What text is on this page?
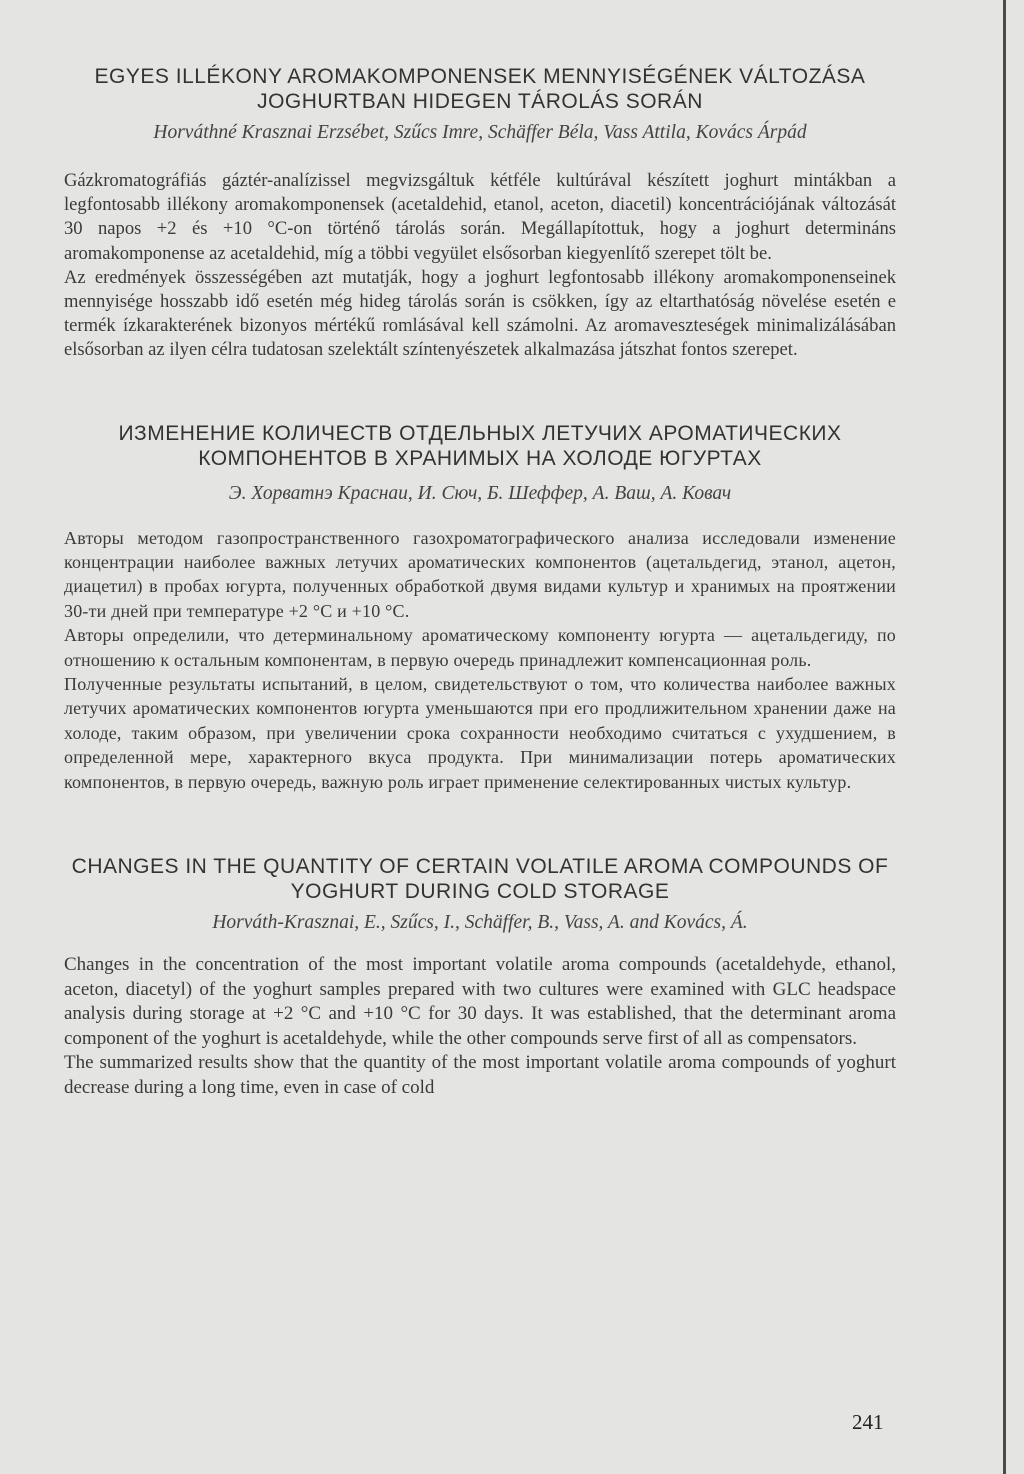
EGYES ILLÉKONY AROMAKOMPONENSEK MENNYISÉGÉNEK VÁLTOZÁSA JOGHURTBAN HIDEGEN TÁROLÁS SORÁN
Horváthné Krasznai Erzsébet, Szűcs Imre, Schäffer Béla, Vass Attila, Kovács Árpád

Gázkromatográfiás gáztér-analízissel megvizsgáltuk kétféle kultúrával készített joghurt mintákban a legfontosabb illékony aromakomponensek (acetaldehid, etanol, aceton, diacetil) koncentrációjának változását 30 napos +2 és +10 °C-on történő tárolás során. Megállapítottuk, hogy a joghurt determináns aromakomponense az acetaldehid, míg a többi vegyület elsősorban kiegyenlítő szerepet tölt be.

Az eredmények összességében azt mutatják, hogy a joghurt legfontosabb illékony aromakomponenseinek mennyisége hosszabb idő esetén még hideg tárolás során is csökken, így az eltarthatóság növelése esetén e termék ízkarakterének bizonyos mértékű romlásával kell számolni. Az aromaveszteségek minimalizálásában elsősorban az ilyen célra tudatosan szelektált színtenyészetek alkalmazása játszhat fontos szerepet.

ИЗМЕНЕНИЕ КОЛИЧЕСТВ ОТДЕЛЬНЫХ ЛЕТУЧИХ АРОМАТИЧЕСКИХ КОМПОНЕНТОВ В ХРАНИМЫХ НА ХОЛОДЕ ЮГУРТАХ
Э. Хорватнэ Краснаи, И. Сюч, Б. Шеффер, А. Ваш, А. Ковач

Авторы методом газопространственного газохроматографического анализа исследовали изменение концентрации наиболее важных летучих ароматических компонентов (ацетальдегид, этанол, ацетон, диацетил) в пробах югурта, полученных обработкой двумя видами культур и хранимых на проятжении 30-ти дней при температуре +2 °С и +10 °С.

Авторы определили, что детерминальному ароматическому компоненту югурта — ацетальдегиду, по отношению к остальным компонентам, в первую очередь принадлежит компенсационная роль.

Полученные результаты испытаний, в целом, свидетельствуют о том, что количества наиболее важных летучих ароматических компонентов югурта уменьшаются при его продлижительном хранении даже на холоде, таким образом, при увеличении срока сохранности необходимо считаться с ухудшением, в определенной мере, характерного вкуса продукта. При минимализации потерь ароматических компонентов, в первую очередь, важную роль играет применение селектированных чистых культур.

CHANGES IN THE QUANTITY OF CERTAIN VOLATILE AROMA COMPOUNDS OF YOGHURT DURING COLD STORAGE
Horváth-Krasznai, E., Szűcs, I., Schäffer, B., Vass, A. and Kovács, Á.

Changes in the concentration of the most important volatile aroma compounds (acetaldehyde, ethanol, aceton, diacetyl) of the yoghurt samples prepared with two cultures were examined with GLC headspace analysis during storage at +2 °C and +10 °C for 30 days. It was established, that the determinant aroma component of the yoghurt is acetaldehyde, while the other compounds serve first of all as compensators.

The summarized results show that the quantity of the most important volatile aroma compounds of yoghurt decrease during a long time, even in case of cold

241
